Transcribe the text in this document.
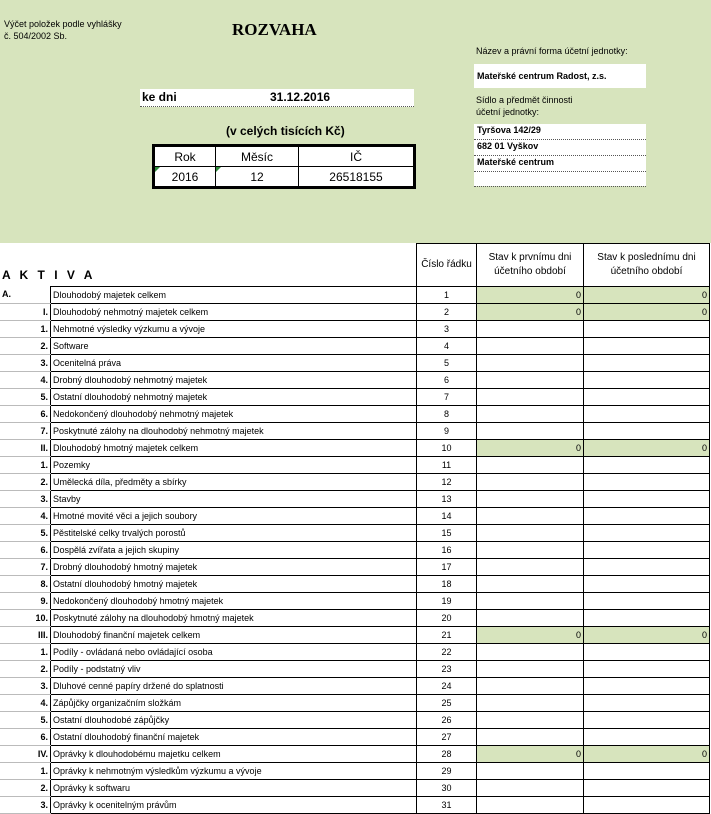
Výčet položek podle vyhlášky
č. 504/2002 Sb.	ROZVAHA
ke dni	31.12.2016
(v celých tisících Kč)
Rok	Měsíc	IČ
2016	12	26518155
Název a právní forma účetní jednotky:
Mateřské centrum Radost, z.s.
Sídlo a předmět činnosti
účetní jednotky:
Tyršova 142/29
682 01 Vyškov
Mateřské centrum
A K T I V A			Číslo řádku	Stav k prvnímu dni účetního období	Stav k poslednímu dni účetního období
A.		Dlouhodobý majetek celkem	1	0	0
	I.	Dlouhodobý nehmotný majetek celkem	2	0	0
	1.	Nehmotné výsledky výzkumu a vývoje	3		
	2.	Software	4		
	3.	Ocenitelná práva	5		
	4.	Drobný dlouhodobý nehmotný majetek	6		
	5.	Ostatní dlouhodobý nehmotný majetek	7		
	6.	Nedokončený dlouhodobý nehmotný majetek	8		
	7.	Poskytnuté zálohy na dlouhodobý nehmotný majetek	9		
	II.	Dlouhodobý hmotný majetek celkem	10	0	0
	1.	Pozemky	11		
	2.	Umělecká díla, předměty a sbírky	12		
	3.	Stavby	13		
	4.	Hmotné movité věci a jejich soubory	14		
	5.	Pěstitelské celky trvalých porostů	15		
	6.	Dospělá zvířata a jejich skupiny	16		
	7.	Drobný dlouhodobý hmotný majetek	17		
	8.	Ostatní dlouhodobý hmotný majetek	18		
	9.	Nedokončený dlouhodobý hmotný majetek	19		
	10.	Poskytnuté zálohy na dlouhodobý hmotný majetek	20		
	III.	Dlouhodobý finanční majetek celkem	21	0	0
	1.	Podíly - ovládaná nebo ovládající osoba	22		
	2.	Podíly - podstatný vliv	23		
	3.	Dluhové cenné papíry držené do splatnosti	24		
	4.	Zápůjčky organizačním složkám	25		
	5.	Ostatní dlouhodobé zápůjčky	26		
	6.	Ostatní dlouhodobý finanční majetek	27		
	IV.	Oprávky k dlouhodobému majetku celkem	28	0	0
	1.	Oprávky k nehmotným výsledkům výzkumu a vývoje	29		
	2.	Oprávky k softwaru	30		
	3.	Oprávky k ocenitelným právům	31		
